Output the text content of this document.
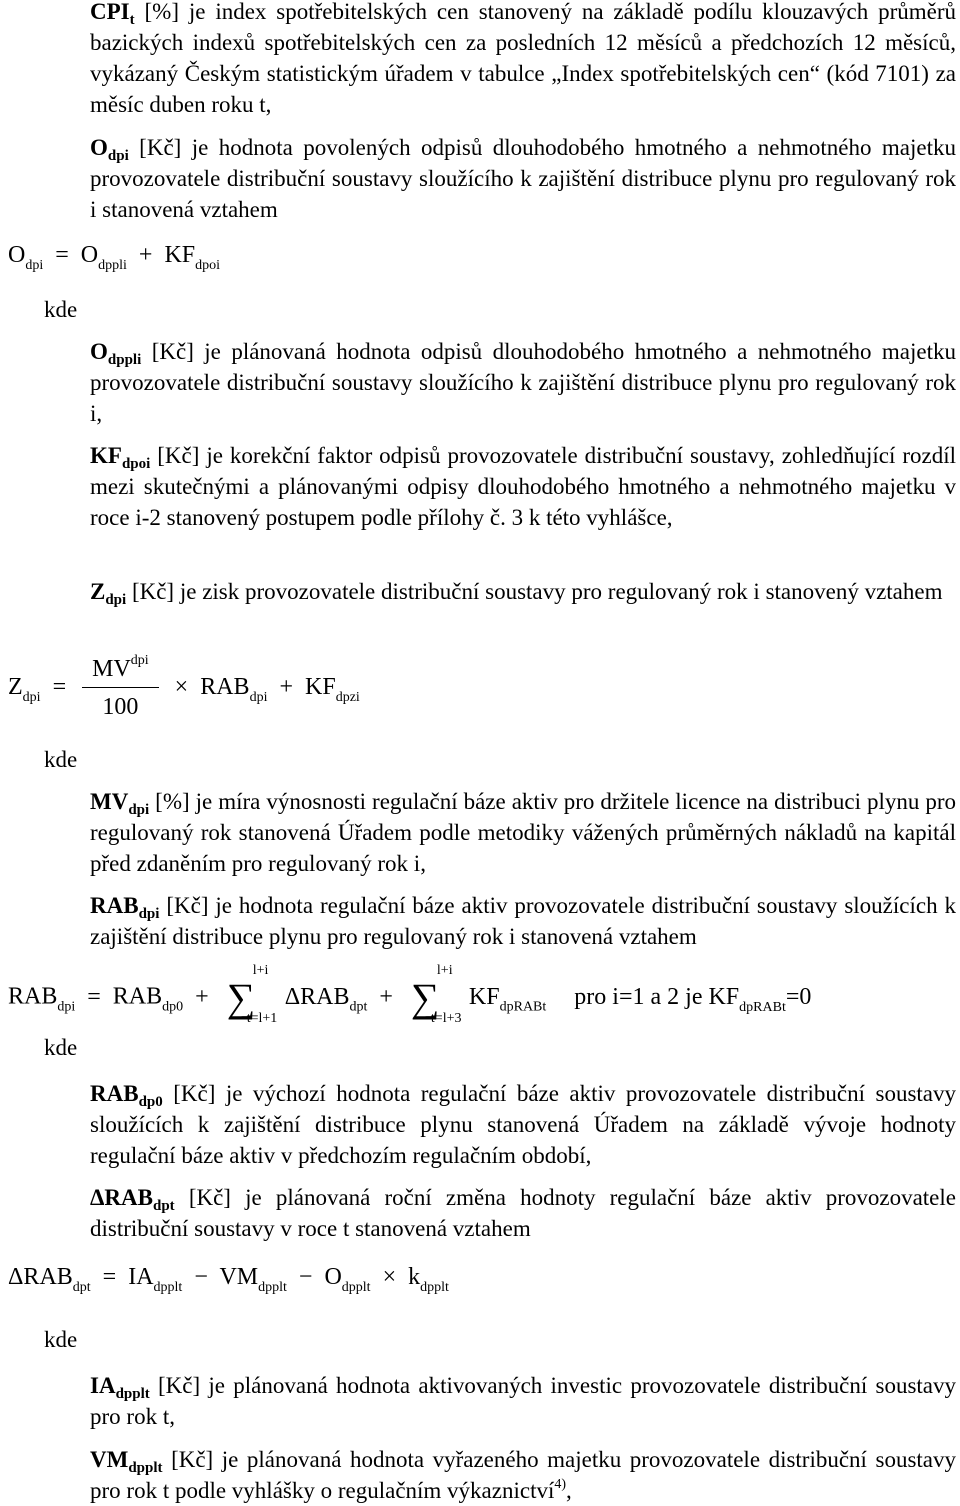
$CPI_t$ [%] je index spotřebitelských cen stanovený na základě podílu klouzavých průměrů bazických indexů spotřebitelských cen za posledních 12 měsíců a předchozích 12 měsíců, vykázaný Českým statistickým úřadem v tabulce „Index spotřebitelských cen“ (kód 7101) za měsíc duben roku t,
$O_{dpi}$ [Kč] je hodnota povolených odpisů dlouhodobého hmotného a nehmotného majetku provozovatele distribuční soustavy sloužícího k zajištění distribuce plynu pro regulovaný rok i stanovená vztahem
$O_{dpi} = O_{dppli} + KF_{dpoi}$
kde
$O_{dppli}$ [Kč] je plánovaná hodnota odpisů dlouhodobého hmotného a nehmotného majetku provozovatele distribuční soustavy sloužícího k zajištění distribuce plynu pro regulovaný rok i,
$KF_{dpoi}$ [Kč] je korekční faktor odpisů provozovatele distribuční soustavy, zohledňující rozdíl mezi skutečnými a plánovanými odpisy dlouhodobého hmotného a nehmotného majetku v roce i-2 stanovený postupem podle přílohy č. 3 k této vyhlášce,
$Z_{dpi}$ [Kč] je zisk provozovatele distribuční soustavy pro regulovaný rok i stanovený vztahem
$Z_{dpi} = \frac{MV^{dpi}}{100} \times RAB_{dpi} + KF_{dpzi}$
kde
$MV_{dpi}$ [%] je míra výnosnosti regulační báze aktiv pro držitele licence na distribuci plynu pro regulovaný rok stanovená Úřadem podle metodiky vážených průměrných nákladů na kapitál před zdaněním pro regulovaný rok i,
$RAB_{dpi}$ [Kč] je hodnota regulační báze aktiv provozovatele distribuční soustavy sloužících k zajištění distribuce plynu pro regulovaný rok i stanovená vztahem
$RAB_{dpi} = RAB_{dp0}$ + ∑
l+i
t=l+1
$\Delta RAB_{dpt}$ + ∑
l+i
t=l+3
$KF_{dpRABt}$ pro i=1 a 2 je $KF_{dpRABt}=0$
kde
$RAB_{dp0}$ [Kč] je výchozí hodnota regulační báze aktiv provozovatele distribuční soustavy sloužících k zajištění distribuce plynu stanovená Úřadem na základě vývoje hodnoty regulační báze aktiv v předchozím regulačním období,
$\Delta RAB_{dpt}$ [Kč] je plánovaná roční změna hodnoty regulační báze aktiv provozovatele distribuční soustavy v roce t stanovená vztahem
$\Delta RAB_{dpt} = IA_{dpplt} - VM_{dpplt} - O_{dpplt} \times k_{dpplt}$
kde
$IA_{dpplt}$ [Kč] je plánovaná hodnota aktivovaných investic provozovatele distribuční soustavy pro rok t,
$VM_{dpplt}$ [Kč] je plánovaná hodnota vyřazeného majetku provozovatele distribuční soustavy pro rok t podle vyhlášky o regulačním výkaznictví$^{4)}$,
